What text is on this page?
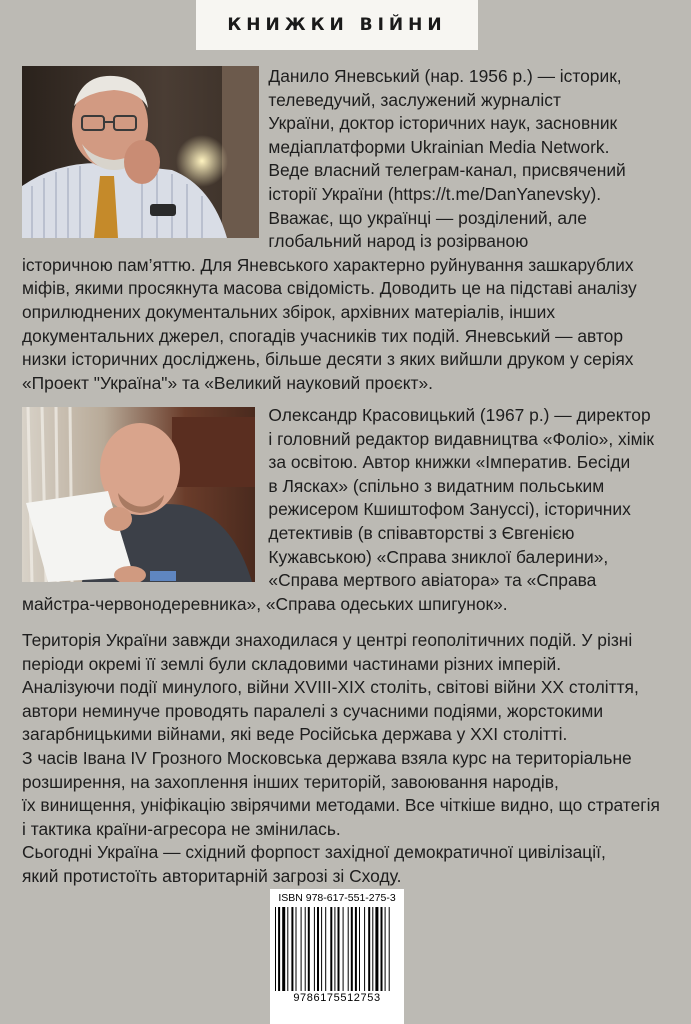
КНИЖКИ ВІЙНИ
Данило Яневський (нар. 1956 р.) — історик,
телеведучий, заслужений журналіст
України, доктор історичних наук, засновник
медіаплатформи Ukrainian Media Network.
Веде власний телеграм-канал, присвячений
історії України (https://t.me/DanYanevsky).
Вважає, що українці — розділений, але
глобальний народ із розірваною
історичною пам’яттю. Для Яневського характерно руйнування зашкарублих
міфів, якими просякнута масова свідомість. Доводить це на підставі аналізу
оприлюднених документальних збірок, архівних матеріалів, інших
документальних джерел, спогадів учасників тих подій. Яневський — автор
низки історичних досліджень, більше десяти з яких вийшли друком у серіях
«Проект "Україна"» та «Великий науковий проєкт».
Олександр Красовицький (1967 р.) — директор
і головний редактор видавництва «Фоліо», хімік
за освітою. Автор книжки «Імператив. Бесіди
в Лясках» (спільно з видатним польським
режисером Кшиштофом Зануссі), історичних
детективів (в співавторстві з Євгенією
Кужавською) «Справа зниклої балерини»,
«Справа мертвого авіатора» та «Справа
майстра-червонодеревника», «Справа одеських шпигунок».
Територія України завжди знаходилася у центрі геополітичних подій. У різні
періоди окремі її землі були складовими частинами різних імперій.
Аналізуючи події минулого, війни XVIII-XIX століть, світові війни XX століття,
автори неминуче проводять паралелі з сучасними подіями, жорстокими
загарбницькими війнами, які веде Російська держава у XXI столітті.
З часів Івана IV Грозного Московська держава взяла курс на територіальне
розширення, на захоплення інших територій, завоювання народів,
їх винищення, уніфікацію звірячими методами. Все чіткіше видно, що стратегія
і тактика країни-агресора не змінилась.
Сьогодні Україна — східний форпост західної демократичної цивілізації,
який протистоїть авторитарній загрозі зі Сходу.
ISBN 978-617-551-275-3
9786175512753
